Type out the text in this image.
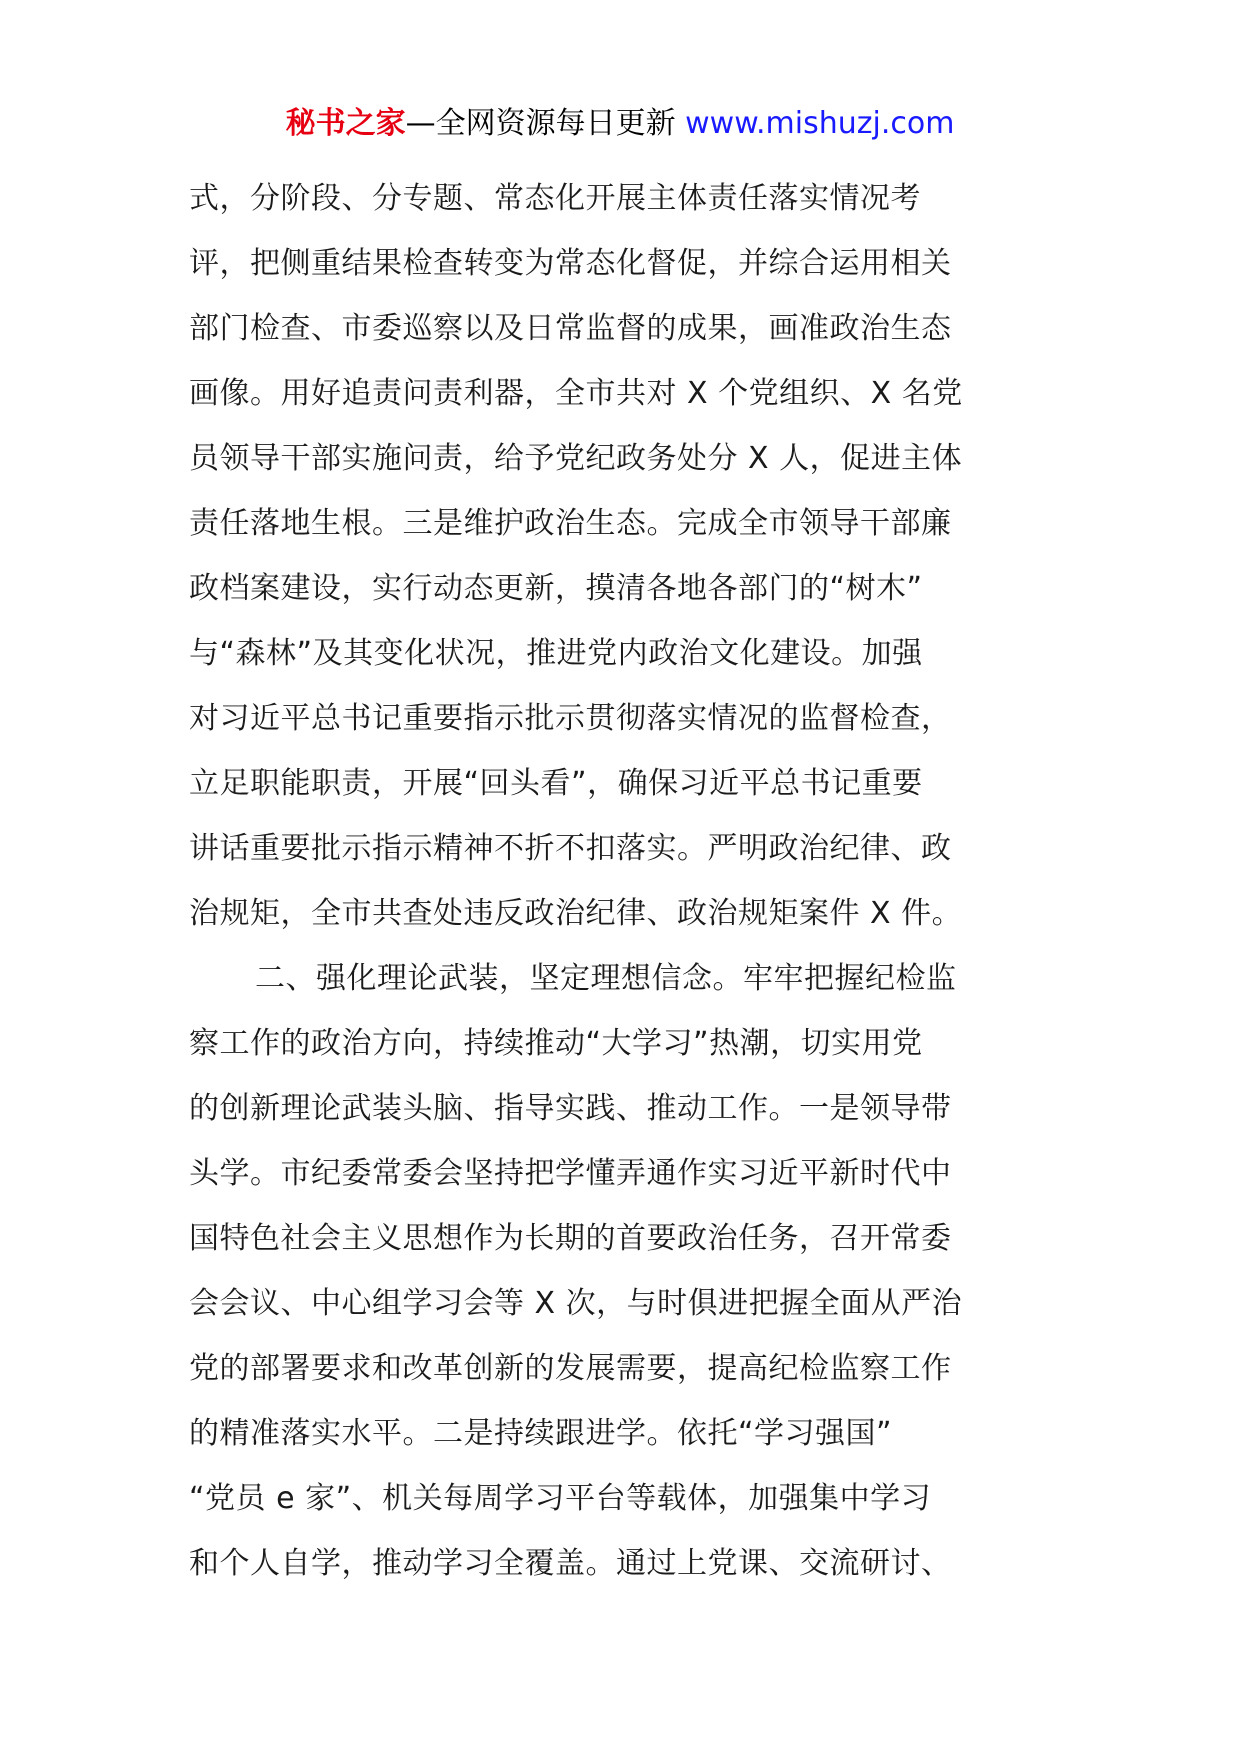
秘书之家—全网资源每日更新 www.mishuzj.com
式，分阶段、分专题、常态化开展主体责任落实情况考
评，把侧重结果检查转变为常态化督促，并综合运用相关
部门检查、市委巡察以及日常监督的成果，画准政治生态
画像。用好追责问责利器，全市共对 X 个党组织、X 名党
员领导干部实施问责，给予党纪政务处分 X 人，促进主体
责任落地生根。三是维护政治生态。完成全市领导干部廉
政档案建设，实行动态更新，摸清各地各部门的“树木”
与“森林”及其变化状况，推进党内政治文化建设。加强
对习近平总书记重要指示批示贯彻落实情况的监督检查，
立足职能职责，开展“回头看”，确保习近平总书记重要
讲话重要批示指示精神不折不扣落实。严明政治纪律、政
治规矩，全市共查处违反政治纪律、政治规矩案件 X 件。
二、强化理论武装，坚定理想信念。牢牢把握纪检监
察工作的政治方向，持续推动“大学习”热潮，切实用党
的创新理论武装头脑、指导实践、推动工作。一是领导带
头学。市纪委常委会坚持把学懂弄通作实习近平新时代中
国特色社会主义思想作为长期的首要政治任务，召开常委
会会议、中心组学习会等 X 次，与时俱进把握全面从严治
党的部署要求和改革创新的发展需要，提高纪检监察工作
的精准落实水平。二是持续跟进学。依托“学习强国”
“党员 e 家”、机关每周学习平台等载体，加强集中学习
和个人自学，推动学习全覆盖。通过上党课、交流研讨、
